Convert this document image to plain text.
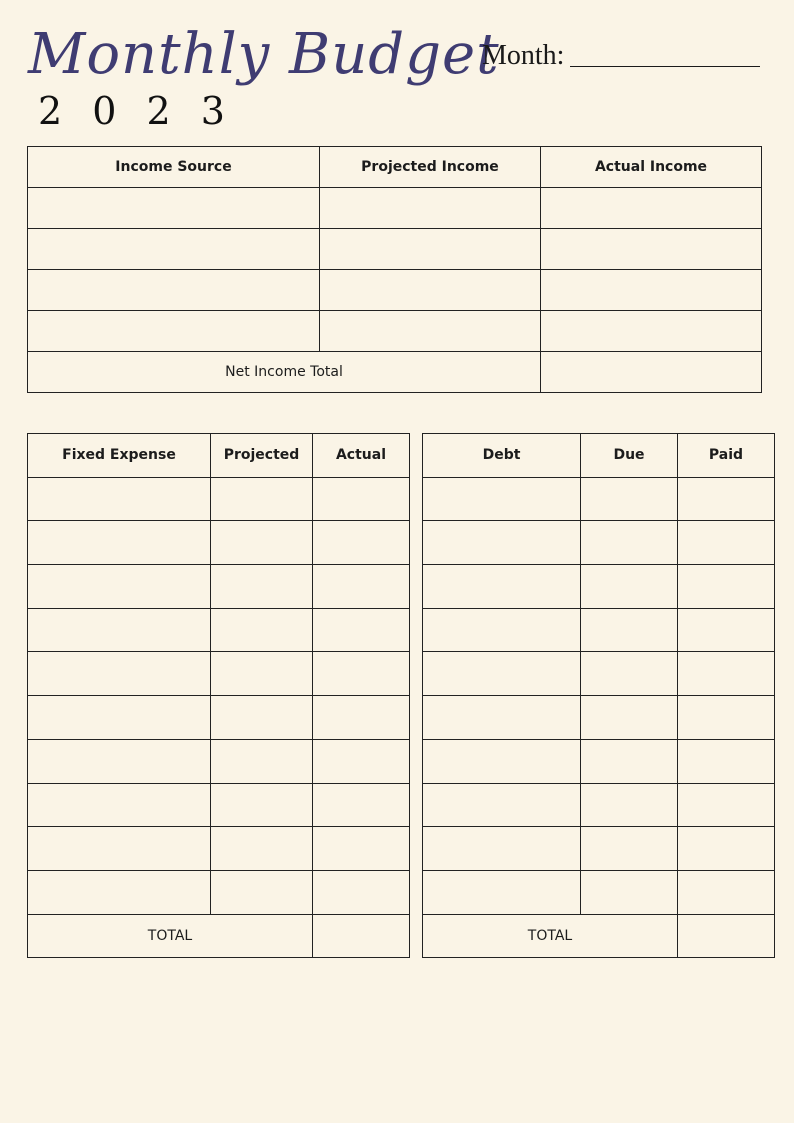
Monthly Budget
2 0 2 3
Month:
Income Source	Projected Income	Actual Income

Net Income Total		
Fixed Expense	Projected	Actual

TOTAL		
Debt	Due	Paid

TOTAL		
